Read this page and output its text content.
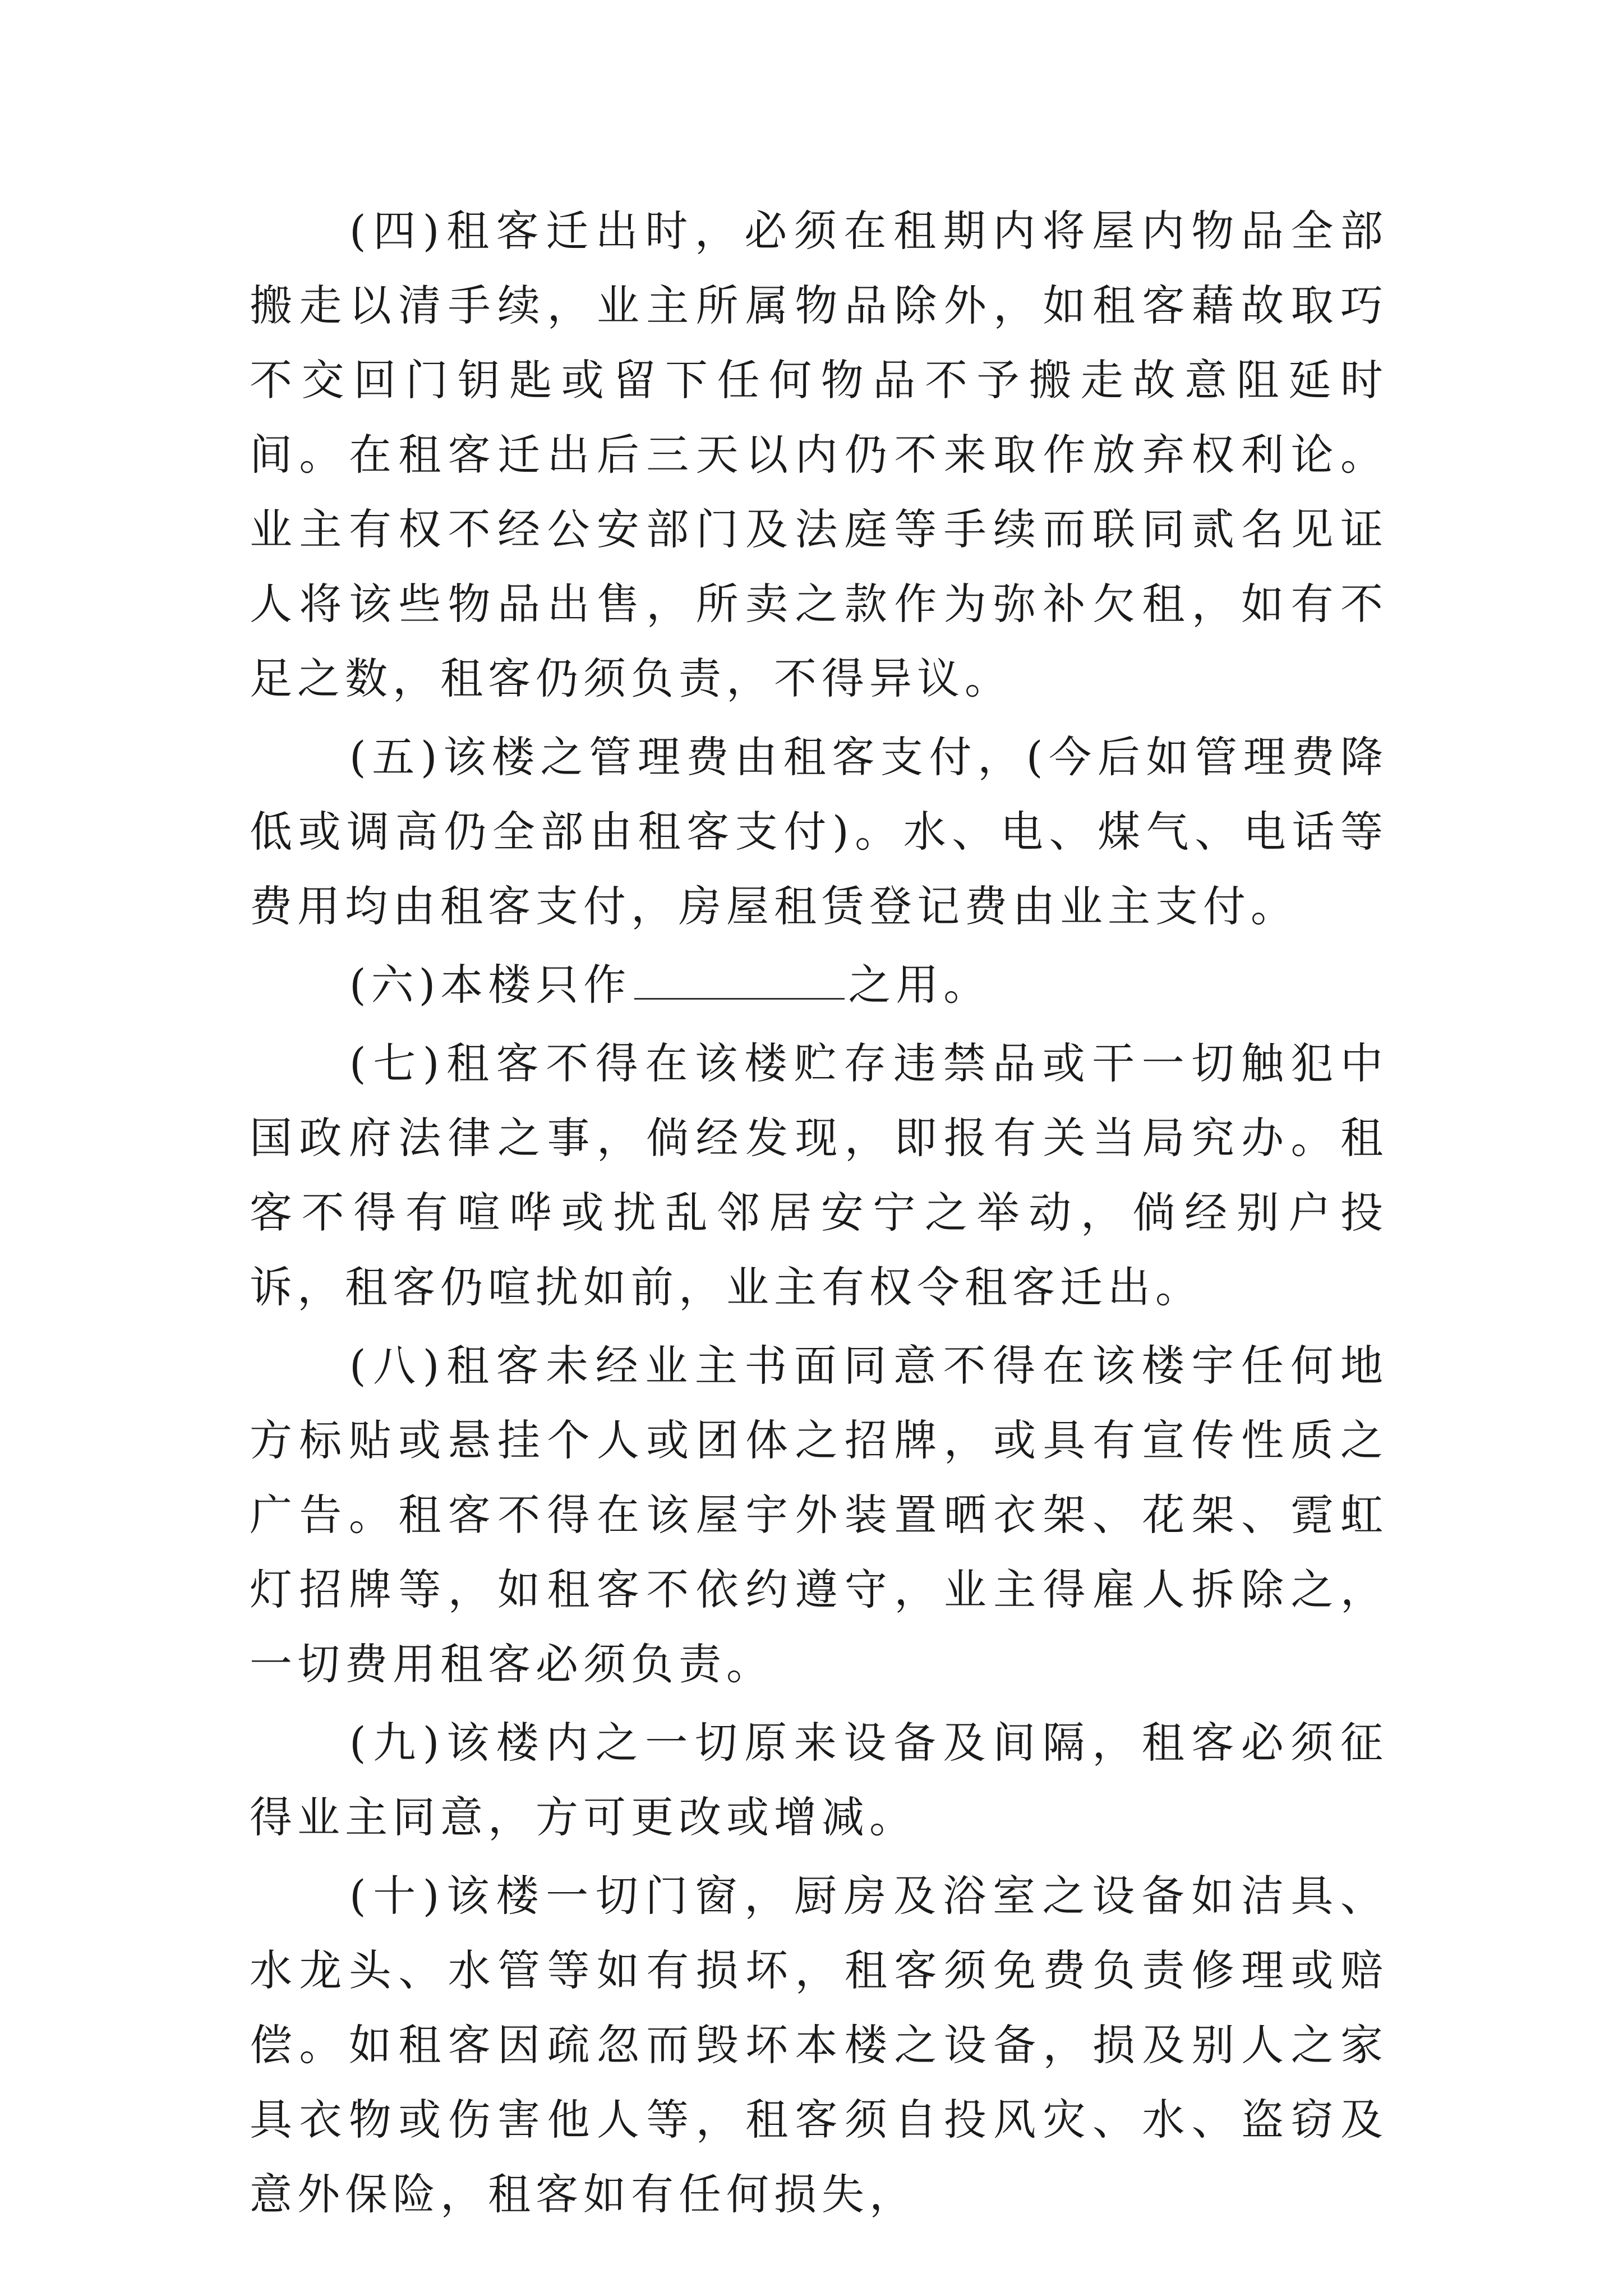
(四)租客迁出时，必须在租期内将屋内物品全部搬走以清手续，业主所属物品除外，如租客藉故取巧不交回门钥匙或留下任何物品不予搬走故意阻延时间。在租客迁出后三天以内仍不来取作放弃权利论。业主有权不经公安部门及法庭等手续而联同贰名见证人将该些物品出售，所卖之款作为弥补欠租，如有不足之数，租客仍须负责，不得异议。

(五)该楼之管理费由租客支付，(今后如管理费降低或调高仍全部由租客支付)。水、电、煤气、电话等费用均由租客支付，房屋租赁登记费由业主支付。

(六)本楼只作	之用。

(七)租客不得在该楼贮存违禁品或干一切触犯中国政府法律之事，倘经发现，即报有关当局究办。租客不得有喧哗或扰乱邻居安宁之举动，倘经别户投诉，租客仍喧扰如前，业主有权令租客迁出。

(八)租客未经业主书面同意不得在该楼宇任何地方标贴或悬挂个人或团体之招牌，或具有宣传性质之广告。租客不得在该屋宇外装置晒衣架、花架、霓虹灯招牌等，如租客不依约遵守，业主得雇人拆除之，一切费用租客必须负责。

(九)该楼内之一切原来设备及间隔，租客必须征得业主同意，方可更改或增减。

(十)该楼一切门窗，厨房及浴室之设备如洁具、水龙头、水管等如有损坏，租客须免费负责修理或赔偿。如租客因疏忽而毁坏本楼之设备，损及别人之家具衣物或伤害他人等，租客须自投风灾、水、盗窃及意外保险，租客如有任何损失，
